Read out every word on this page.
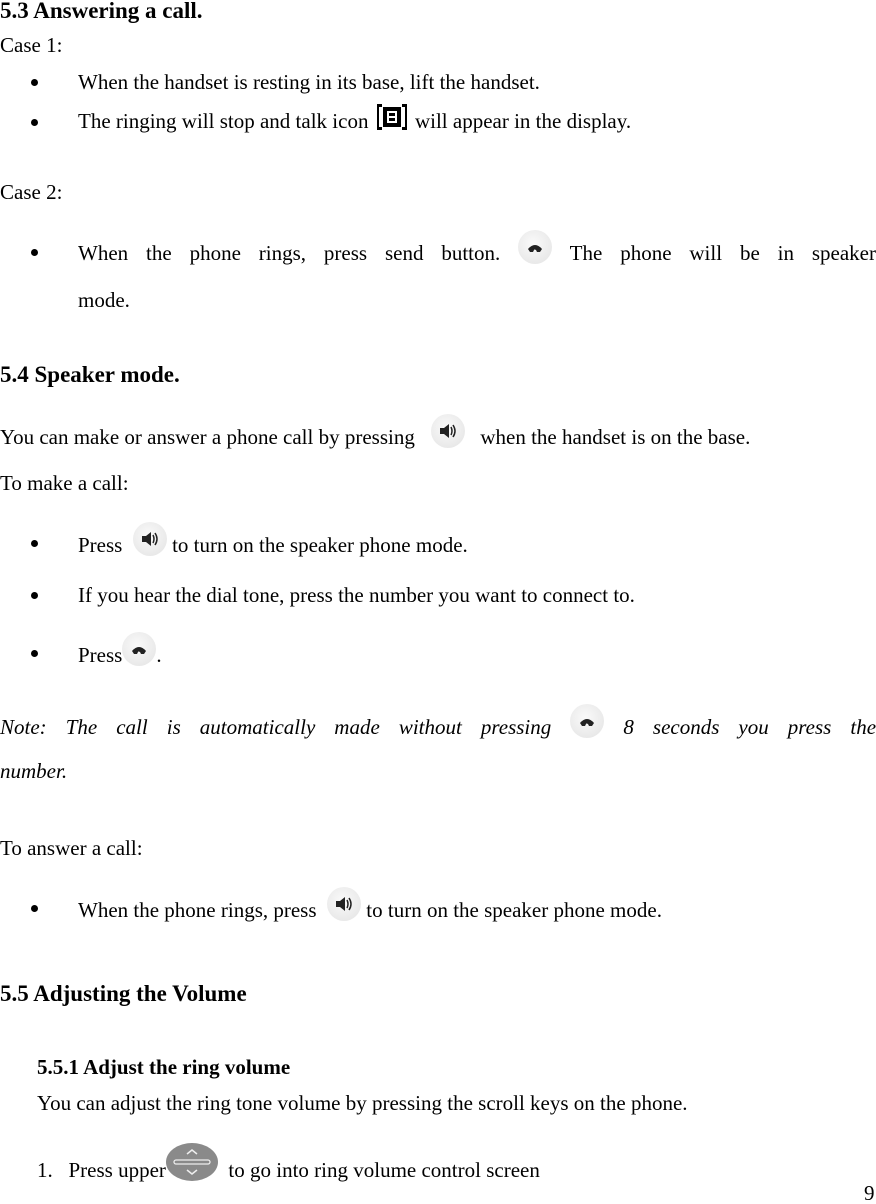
5.3 Answering a call.
Case 1:
When the handset is resting in its base, lift the handset.
The ringing will stop and talk icon will appear in the display.
Case 2:
When the phone rings, press send button.	The phone will be in speaker
mode.
5.4 Speaker mode.
You can make or answer a phone call by pressing	when the handset is on the base.
To make a call:
Press to turn on the speaker phone mode.
If you hear the dial tone, press the number you want to connect to.
Press .
Note: The call is automatically made without pressing	8 seconds you press the
number.
To answer a call:
When the phone rings, press to turn on the speaker phone mode.
5.5 Adjusting the Volume
5.5.1 Adjust the ring volume
You can adjust the ring tone volume by pressing the scroll keys on the phone.
1. Press upper	to go into ring volume control screen
9
